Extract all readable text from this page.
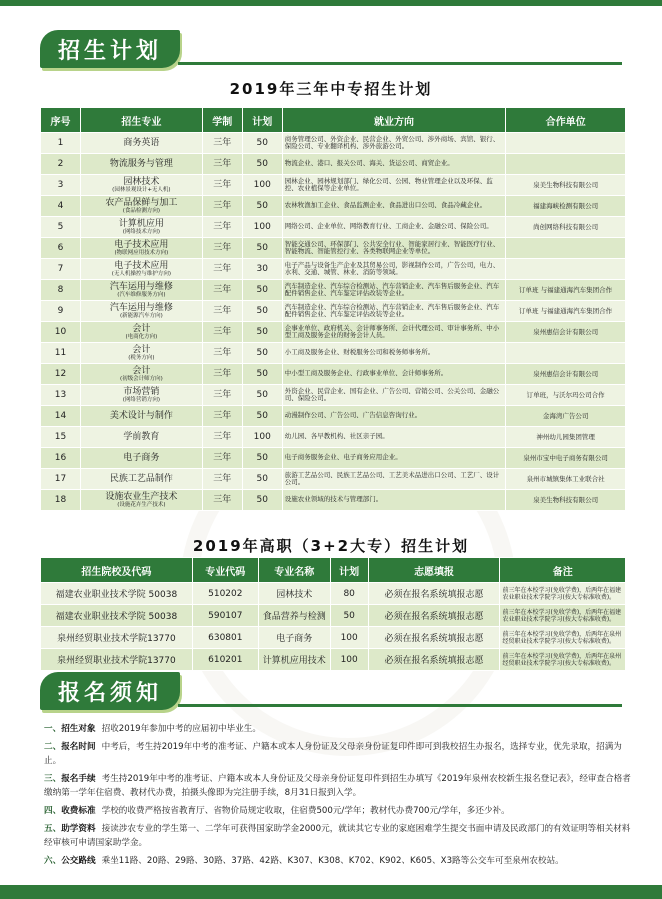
招生计划
2019年三年中专招生计划
序号	招生专业	学制	计划	就业方向	合作单位
1	商务英语	三年	50	商务管理公司、外资企业、民营企业、外贸公司、涉外商场、宾馆、银行、保险公司、专业翻译机构、涉外旅游公司。	
2	物流服务与管理	三年	50	物流企业、港口、报关公司、海关、货运公司、商贸企业。	
3	园林技术
(园林景观设计+无人机)	三年	100	园林企业、园林规划部门、绿化公司、公园、物业管理企业以及环保、监控、农业植保等企业单位。	泉美生物科技有限公司
4	农产品保鲜与加工
(食品检测方向)	三年	50	农林牧渔加工企业、食品监测企业、食品进出口公司、食品冷藏企业。	福建海峡检测有限公司
5	计算机应用
(网络技术方向)	三年	100	网络公司、企业单位、网络教育行业、工商企业、金融公司、保险公司。	尚创网络科技有限公司
6	电子技术应用
(物联网应用技术方向)	三年	50	智能交通公司、环保部门、公共安全行业、智能家居行业、智能医疗行业、智能物流、智能管控行业、各类物联网企业等单位。	
7	电子技术应用
(无人机操控与维护方向)	三年	30	电子产品与设备生产企业及其贸易公司，影视制作公司，广告公司，电力、水利、交通、城管、林业、消防等领域。	
8	汽车运用与维修
(汽车维修服务方向)	三年	50	汽车制造企业、汽车综合检测站、汽车营销企业、汽车售后服务企业、汽车配件销售企业、汽车鉴定评估改装等企业。	订单班 与福建通海汽车集团合作
9	汽车运用与维修
(新能源汽车方向)	三年	50	汽车制造企业、汽车综合检测站、汽车营销企业、汽车售后服务企业、汽车配件销售企业、汽车鉴定评估改装等企业。	订单班 与福建通海汽车集团合作
10	会计
(电商化方向)	三年	50	企事业单位、政府机关、会计师事务所、会计代理公司、审计事务所、中小型工商及服务企业的财务会计人员。	泉州惠信会计有限公司
11	会计
(税务方向)	三年	50	小工商及服务企业、财税服务公司和税务师事务所。	
12	会计
(初级会计师方向)	三年	50	中小型工商及服务企业、行政事业单位、会计师事务所。	泉州惠信会计有限公司
13	市场营销
(网络营销方向)	三年	50	外资企业、民营企业、国有企业、广告公司、营销公司、公关公司、金融公司、保险公司。	订单班，与沃尔玛公司合作
14	美术设计与制作	三年	50	动漫制作公司、广告公司、广告信息咨询行业。	金海湾广告公司
15	学前教育	三年	100	幼儿园、各早教机构、社区亲子园。	神州幼儿园集团管理
16	电子商务	三年	50	电子商务服务企业、电子商务应用企业。	泉州市宝中电子商务有限公司
17	民族工艺品制作	三年	50	旅游工艺品公司、民族工艺品公司、工艺美术品进出口公司、工艺厂、设计公司。	泉州市城镇集体工业联合社
18	设施农业生产技术
(设施花卉生产技术)	三年	50	设施农业领域的技术与管理部门。	泉美生物科技有限公司
2019年高职（3+2大专）招生计划
招生院校及代码	专业代码	专业名称	计划	志愿填报	备注
福建农业职业技术学院 50038	510202	园林技术	80	必须在报名系统填报志愿	前三年在本校学习(免收学费)，后两年在福建农业职业技术学院学习(按大专标准收费)。
福建农业职业技术学院 50038	590107	食品营养与检测	50	必须在报名系统填报志愿	前三年在本校学习(免收学费)，后两年在福建农业职业技术学院学习(按大专标准收费)。
泉州经贸职业技术学院13770	630801	电子商务	100	必须在报名系统填报志愿	前三年在本校学习(免收学费)，后两年在泉州经贸职业技术学院学习(按大专标准收费)。
泉州经贸职业技术学院13770	610201	计算机应用技术	100	必须在报名系统填报志愿	前三年在本校学习(免收学费)，后两年在泉州经贸职业技术学院学习(按大专标准收费)。
报名须知
一、招生对象 招收2019年参加中考的应届初中毕业生。
二、报名时间 中考后，考生持2019年中考的准考证、户籍本或本人身份证及父母亲身份证复印件即可到我校招生办报名，选择专业，优先录取，招满为止。
三、报名手续 考生持2019年中考的准考证、户籍本或本人身份证及父母亲身份证复印件到招生办填写《2019年泉州农校新生报名登记表》，经审查合格者缴纳第一学年住宿费、教材代办费，拍摄头像即为完注册手续，8月31日报到入学。
四、收费标准 学校的收费严格按省教育厅、省物价局规定收取，住宿费500元/学年；教材代办费700元/学年，多还少补。
五、助学资料 接读涉农专业的学生第一、二学年可获得国家助学金2000元，就读其它专业的家庭困难学生提交书面申请及民政部门的有效证明等相关材料经审核可申请国家助学金。
六、公交路线 乘坐11路、20路、29路、30路、37路、42路、K307、K308、K702、K902、K605、X3路等公交车可至泉州农校站。
